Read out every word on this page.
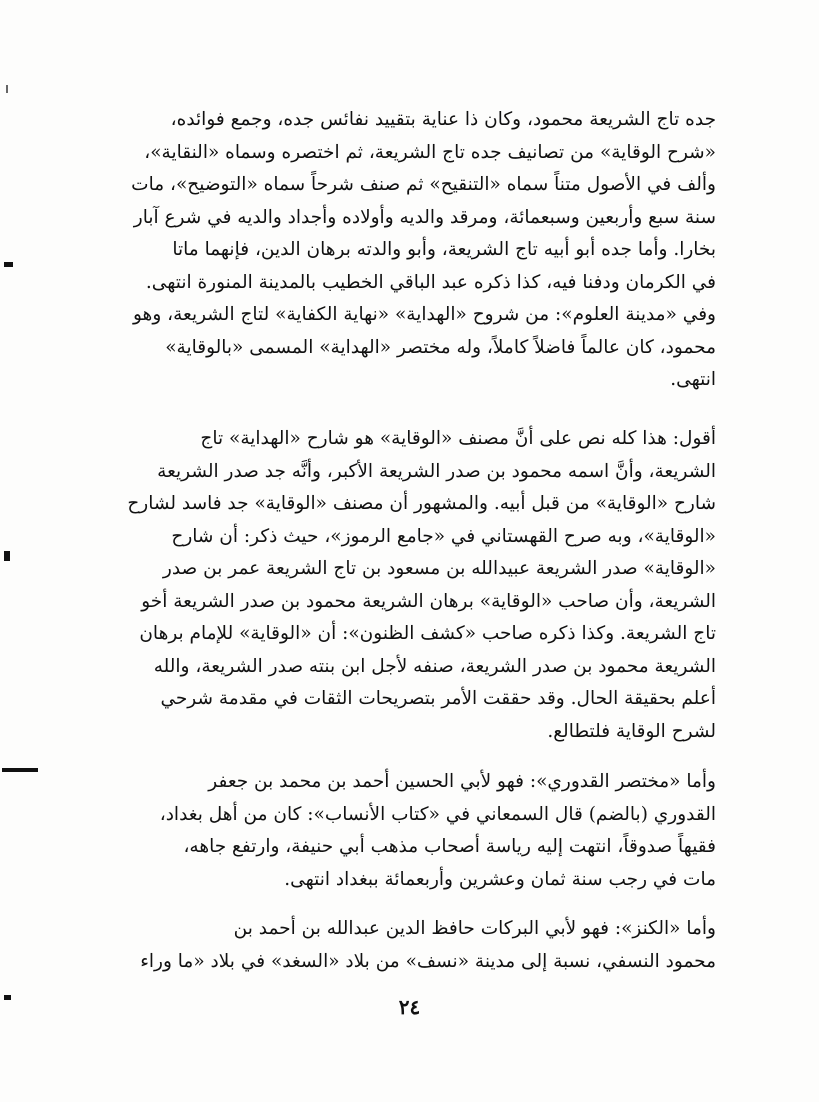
جده تاج الشريعة محمود، وكان ذا عناية بتقييد نفائس جده، وجمع فوائده،
«شرح الوقاية» من تصانيف جده تاج الشريعة، ثم اختصره وسماه «النقاية»،
وألف في الأصول متناً سماه «التنقيح» ثم صنف شرحاً سماه «التوضيح»، مات
سنة سبع وأربعين وسبعمائة، ومرقد والديه وأولاده وأجداد والديه في شرع آبار
بخارا. وأما جده أبو أبيه تاج الشريعة، وأبو والدته برهان الدين، فإنهما ماتا
في الكرمان ودفنا فيه، كذا ذكره عبد الباقي الخطيب بالمدينة المنورة انتهى.
وفي «مدينة العلوم»: من شروح «الهداية» «نهاية الكفاية» لتاج الشريعة، وهو
محمود، كان عالماً فاضلاً كاملاً، وله مختصر «الهداية» المسمى «بالوقاية»
انتهى.

أقول: هذا كله نص على أنَّ مصنف «الوقاية» هو شارح «الهداية» تاج
الشريعة، وأنَّ اسمه محمود بن صدر الشريعة الأكبر، وأنَّه جد صدر الشريعة
شارح «الوقاية» من قبل أبيه. والمشهور أن مصنف «الوقاية» جد فاسد لشارح
«الوقاية»، وبه صرح القهستاني في «جامع الرموز»، حيث ذكر: أن شارح
«الوقاية» صدر الشريعة عبيدالله بن مسعود بن تاج الشريعة عمر بن صدر
الشريعة، وأن صاحب «الوقاية» برهان الشريعة محمود بن صدر الشريعة أخو
تاج الشريعة. وكذا ذكره صاحب «كشف الظنون»: أن «الوقاية» للإمام برهان
الشريعة محمود بن صدر الشريعة، صنفه لأجل ابن بنته صدر الشريعة، والله
أعلم بحقيقة الحال. وقد حققت الأمر بتصريحات الثقات في مقدمة شرحي
لشرح الوقاية فلتطالع.

وأما «مختصر القدوري»: فهو لأبي الحسين أحمد بن محمد بن جعفر
القدوري (بالضم) قال السمعاني في «كتاب الأنساب»: كان من أهل بغداد،
فقيهاً صدوقاً، انتهت إليه رياسة أصحاب مذهب أبي حنيفة، وارتفع جاهه،
مات في رجب سنة ثمان وعشرين وأربعمائة ببغداد انتهى.

وأما «الكنز»: فهو لأبي البركات حافظ الدين عبدالله بن أحمد بن
محمود النسفي، نسبة إلى مدينة «نسف» من بلاد «السغد» في بلاد «ما وراء

٢٤
